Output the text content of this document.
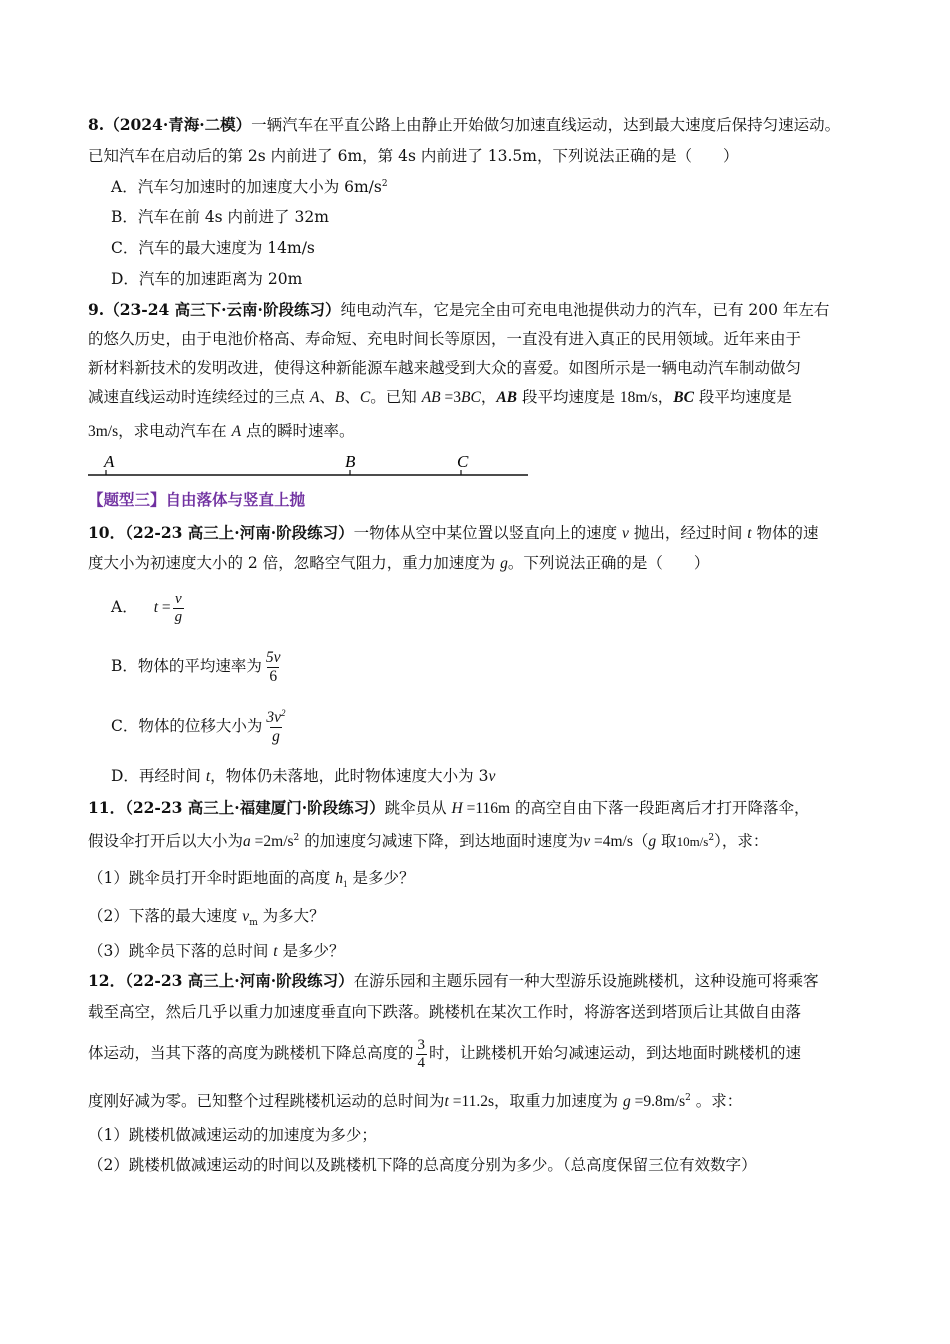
8.（2024·青海·二模）一辆汽车在平直公路上由静止开始做匀加速直线运动，达到最大速度后保持匀速运动。
已知汽车在启动后的第 2s 内前进了 6m，第 4s 内前进了 13.5m，下列说法正确的是（　　）
A．汽车匀加速时的加速度大小为 $6m/s^2$
B．汽车在前 4s 内前进了 32m
C．汽车的最大速度为 14m/s
D．汽车的加速距离为 20m
9.（23-24 高三下·云南·阶段练习）纯电动汽车，它是完全由可充电电池提供动力的汽车，已有 200 年左右
的悠久历史，由于电池价格高、寿命短、充电时间长等原因，一直没有进入真正的民用领域。近年来由于
新材料新技术的发明改进，使得这种新能源车越来越受到大众的喜爱。如图所示是一辆电动汽车制动做匀
减速直线运动时连续经过的三点 A、B、C。已知 AB =3BC，AB 段平均速度是 18m/s，BC 段平均速度是
3m/s，求电动汽车在 A 点的瞬时速率。
A	B	C
【题型三】自由落体与竖直上抛
10．（22-23 高三上·河南·阶段练习）一物体从空中某位置以竖直向上的速度 v 抛出，经过时间 t 物体的速
度大小为初速度大小的 2 倍，忽略空气阻力，重力加速度为 g。下列说法正确的是（　　）
A． $t = \frac{v}{g}$
B．物体的平均速率为 $\frac{5v}{6}$
C．物体的位移大小为 $\frac{3v^2}{g}$
D．再经时间 t，物体仍未落地，此时物体速度大小为 3v
11．（22-23 高三上·福建厦门·阶段练习）跳伞员从 H =116m 的高空自由下落一段距离后才打开降落伞，
假设伞打开后以大小为$a =2m/s^2$ 的加速度匀减速下降，到达地面时速度为v =4m/s（g 取$10m/s^2$），求：
（1）跳伞员打开伞时距地面的高度 $h_1$ 是多少？
（2）下落的最大速度 $v_m$ 为多大？
（3）跳伞员下落的总时间 t 是多少？
12．（22-23 高三上·河南·阶段练习）在游乐园和主题乐园有一种大型游乐设施跳楼机，这种设施可将乘客
载至高空，然后几乎以重力加速度垂直向下跌落。跳楼机在某次工作时，将游客送到塔顶后让其做自由落
体运动，当其下落的高度为跳楼机下降总高度的 $\frac{3}{4}$ 时，让跳楼机开始匀减速运动，到达地面时跳楼机的速
度刚好减为零。已知整个过程跳楼机运动的总时间为t =11.2s，取重力加速度为 $g =9.8m/s^2$ 。求：
（1）跳楼机做减速运动的加速度为多少；
（2）跳楼机做减速运动的时间以及跳楼机下降的总高度分别为多少。（总高度保留三位有效数字）
